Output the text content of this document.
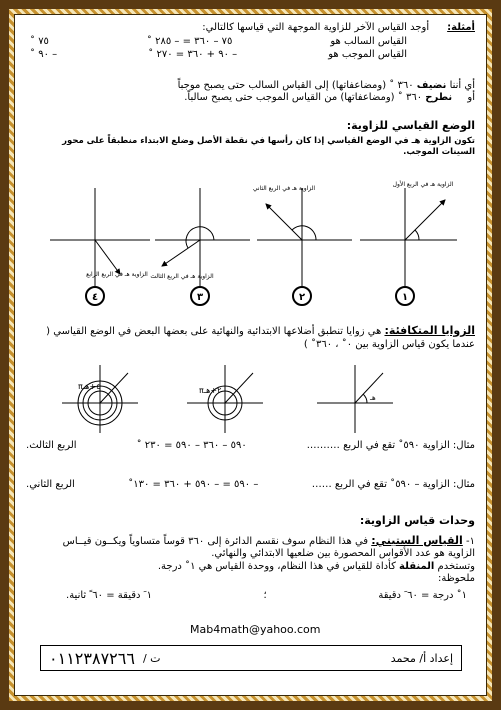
أمثلة:
أوجد القياس الآخر للزاوية الموجهة التي قياسها كالتالي:
القياس السالب هو
٧٥ – ٣٦٠ = – ٢٨٥ ˚
٧٥ ˚
القياس الموجب هو
– ٩٠ + ٣٦٠ = ٢٧٠ ˚
– ٩٠ ˚
أي أننا نضيف ٣٦٠ ˚ (ومضاعفاتها) إلى القياس السالب حتى يصبح موجباً
أو نطرح ٣٦٠ ˚ (ومضاعفاتها) من القياس الموجب حتى يصبح سالباً.
الوضع القياسي للزاوية:
تكون الزاوية هـ في الوضع القياسي إذا كان رأسها في نقطة الأصل وضلع الابتداء منطبقاً على محور السينات الموجب.
الزاوية هـ في الربع الأول
١
الزاوية هـ في الربع الثاني
٢
الزاوية هـ في الربع الثالث
٣
الزاوية هـ في الربع الرابع
٤
الزوايا المتكافئة: هي زوايا تنطبق أضلاعها الابتدائية والنهائية على بعضها البعض في الوضع القياسي ( عندما يكون قياس الزاوية بين ٠˚ ، ٣٦٠˚ )
π٤+هـ	π٢+هـ
هـ
مثال: الزاوية ٥٩٠˚ تقع في الربع ……….
٥٩٠ – ٣٦٠ – ٥٩٠ = ٢٣٠ ˚
الربع الثالث.
مثال: الزاوية – ٥٩٠˚ تقع في الربع ……
– ٥٩٠ = – ٥٩٠ + ٣٦٠ = ١٣٠˚
الربع الثاني.
وحدات قياس الزاوية:
١- القياس الستيني: في هذا النظام سوف نقسم الدائرة إلى ٣٦٠ قوساً متساوياً ويكــون قيــاس
الزاوية هو عدد الأقواس المحصورة بين ضلعيها الابتدائي والنهائي.
وتستخدم المنقلة كأداة للقياس في هذا النظام، ووحدة القياس هي ١˚ درجة.
ملحوظة:
١˚ درجة = ٦٠ َ دقيقة
؛
١ َ دقيقة = ٦٠ ً ثانية.
Mab4math@yahoo.com
إعداد أ/ محمد
ت /
٠١١٢٣٨٧٢٦٦
